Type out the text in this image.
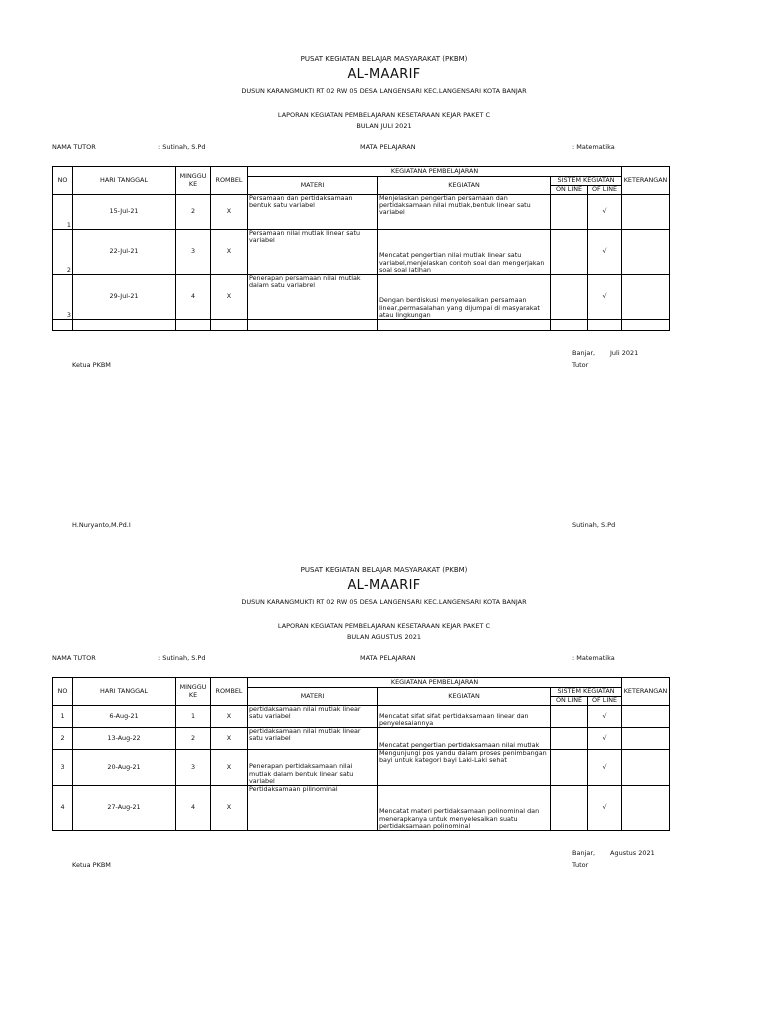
PUSAT KEGIATAN BELAJAR MASYARAKAT (PKBM)
AL-MAARIF
DUSUN KARANGMUKTI RT 02 RW 05 DESA LANGENSARI KEC.LANGENSARI KOTA BANJAR
LAPORAN KEGIATAN PEMBELAJARAN KESETARAAN KEJAR PAKET C
BULAN JULI 2021
NAMA TUTOR	: Sutinah, S.Pd	MATA PELAJARAN	: Matematika
NO	HARI TANGGAL	MINGGU
KE	ROMBEL	KEGIATANA PEMBELAJARAN				KETERANGAN
				MATERI	KEGIATAN	SISTEM KEGIATAN		
						ON LINE	OF LINE	
1	15-Jul-21	2	X	Persamaan dan pertidaksamaan bentuk satu variabel	Menjelaskan pengertian persamaan dan pertidaksamaan nilai mutlak,bentuk linear satu variabel		√	
2	22-Jul-21	3	X	Persamaan nilai mutlak linear satu variabel	Mencatat pengertian nilai mutlak linear satu variabel,menjelaskan contoh soal dan mengerjakan soal soal latihan		√	
3	29-Jul-21	4	X	Penerapan persamaan nilai mutlak dalam satu variabrel	Dengan berdiskusi menyelesaikan persamaan linear,permasalahan yang dijumpai di masyarakat atau lingkungan		√	

Banjar, Juli 2021
Tutor
Ketua PKBM
H.Nuryanto,M.Pd.I	Sutinah, S.Pd
PUSAT KEGIATAN BELAJAR MASYARAKAT (PKBM)
AL-MAARIF
DUSUN KARANGMUKTI RT 02 RW 05 DESA LANGENSARI KEC.LANGENSARI KOTA BANJAR
LAPORAN KEGIATAN PEMBELAJARAN KESETARAAN KEJAR PAKET C
BULAN AGUSTUS 2021
NAMA TUTOR	: Sutinah, S.Pd	MATA PELAJARAN	: Matematika
NO	HARI TANGGAL	MINGGU
KE	ROMBEL	KEGIATANA PEMBELAJARAN				KETERANGAN
				MATERI	KEGIATAN	SISTEM KEGIATAN		
						ON LINE	OF LINE	
1	6-Aug-21	1	X	pertidaksamaan nilai mutlak linear satu variabel	Mencatat sifat sifat pertidaksamaan linear dan penyelesaiannya		√	
2	13-Aug-22	2	X	pertidaksamaan nilai mutlak linear satu variabel	Mencatat pengertian pertidaksamaan nilai mutlak		√	
3	20-Aug-21	3	X	Penerapan pertidaksamaan nilai mutlak dalam bentuk linear satu variabel	Mengunjungi pos yandu dalam proses penimbangan bayi untuk kategori bayi Laki-Laki sehat		√	
4	27-Aug-21	4	X	Pertidaksamaan pilinominal	Mencatat materi pertidaksamaan polinominal dan menerapkanya untuk menyelesaikan suatu pertidaksamaan polinominal		√	
Banjar, Agustus 2021
Tutor
Ketua PKBM
